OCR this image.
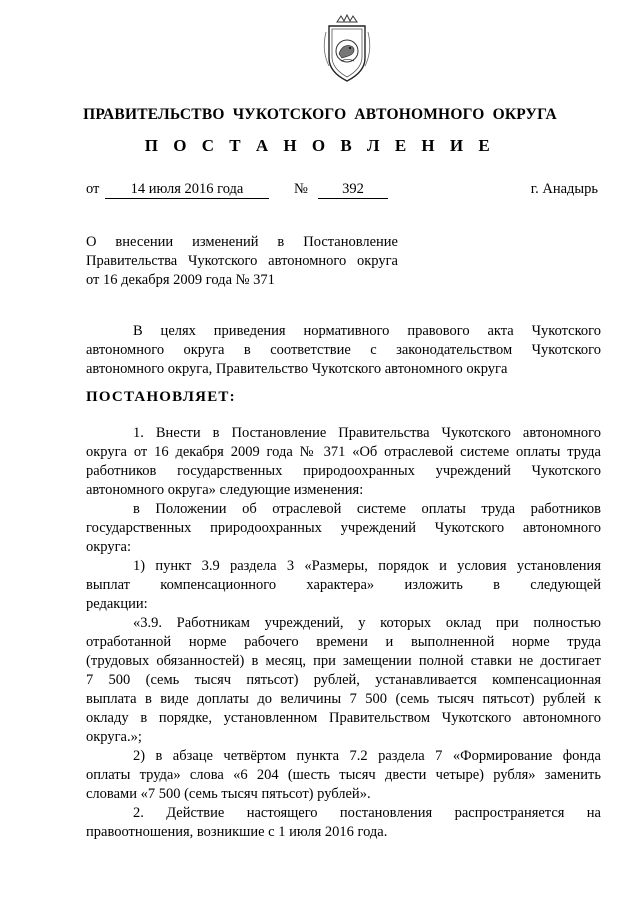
ПРАВИТЕЛЬСТВО ЧУКОТСКОГО АВТОНОМНОГО ОКРУГА
П О С Т А Н О В Л Е Н И Е
от	14 июля 2016 года	№	392	г. Анадырь
О внесении изменений в Постановление
Правительства Чукотского автономного округа
от 16 декабря 2009 года № 371
В целях приведения нормативного правового акта Чукотского
автономного округа в соответствие с законодательством Чукотского
автономного округа, Правительство Чукотского автономного округа
ПОСТАНОВЛЯЕТ:
1. Внести в Постановление Правительства Чукотского автономного
округа от 16 декабря 2009 года № 371 «Об отраслевой системе оплаты труда
работников государственных природоохранных учреждений Чукотского
автономного округа» следующие изменения:
в Положении об отраслевой системе оплаты труда работников
государственных природоохранных учреждений Чукотского автономного
округа:
1) пункт 3.9 раздела 3 «Размеры, порядок и условия установления
выплат компенсационного характера» изложить в следующей
редакции:
«3.9. Работникам учреждений, у которых оклад при полностью
отработанной норме рабочего времени и выполненной норме труда
(трудовых обязанностей) в месяц, при замещении полной ставки не достигает
7 500 (семь тысяч пятьсот) рублей, устанавливается компенсационная
выплата в виде доплаты до величины 7 500 (семь тысяч пятьсот) рублей к
окладу в порядке, установленном Правительством Чукотского автономного
округа.»;
2) в абзаце четвёртом пункта 7.2 раздела 7 «Формирование фонда
оплаты труда» слова «6 204 (шесть тысяч двести четыре) рубля» заменить
словами «7 500 (семь тысяч пятьсот) рублей».
2. Действие настоящего постановления распространяется на
правоотношения, возникшие с 1 июля 2016 года.
